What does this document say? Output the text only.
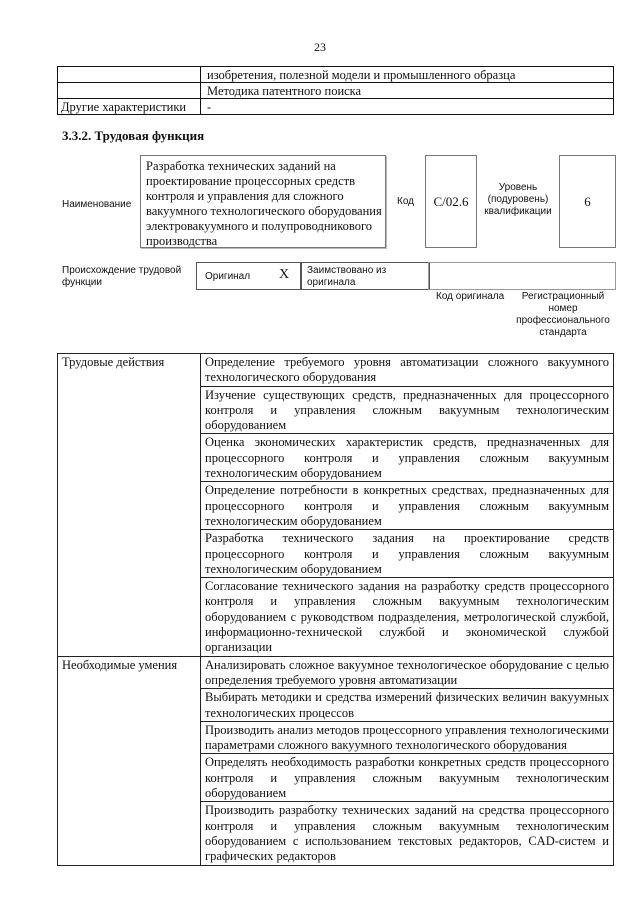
23
изобретения, полезной модели и промышленного образца
Методика патентного поиска
Другие характеристики -
3.3.2. Трудовая функция
Наименование
Разработка технических заданий на проектирование процессорных средств контроля и управления для сложного вакуумного технологического оборудования электровакуумного и полупроводникового производства
Код	C/02.6
Уровень (подуровень) квалификации
6
Происхождение трудовой функции
Оригинал X Заимствовано из оригинала
Код оригинала	Регистрационный номер профессионального стандарта
Трудовые действия	Определение требуемого уровня автоматизации сложного вакуумного технологического оборудования
	Изучение существующих средств, предназначенных для процессорного контроля и управления сложным вакуумным технологическим оборудованием
	Оценка экономических характеристик средств, предназначенных для процессорного контроля и управления сложным вакуумным технологическим оборудованием
	Определение потребности в конкретных средствах, предназначенных для процессорного контроля и управления сложным вакуумным технологическим оборудованием
	Разработка технического задания на проектирование средств процессорного контроля и управления сложным вакуумным технологическим оборудованием
	Согласование технического задания на разработку средств процессорного контроля и управления сложным вакуумным технологическим оборудованием с руководством подразделения, метрологической службой, информационно-технической службой и экономической службой организации
Необходимые умения	Анализировать сложное вакуумное технологическое оборудование с целью определения требуемого уровня автоматизации
	Выбирать методики и средства измерений физических величин вакуумных технологических процессов
	Производить анализ методов процессорного управления технологическими параметрами сложного вакуумного технологического оборудования
	Определять необходимость разработки конкретных средств процессорного контроля и управления сложным вакуумным технологическим оборудованием
	Производить разработку технических заданий на средства процессорного контроля и управления сложным вакуумным технологическим оборудованием с использованием текстовых редакторов, CAD-систем и графических редакторов
